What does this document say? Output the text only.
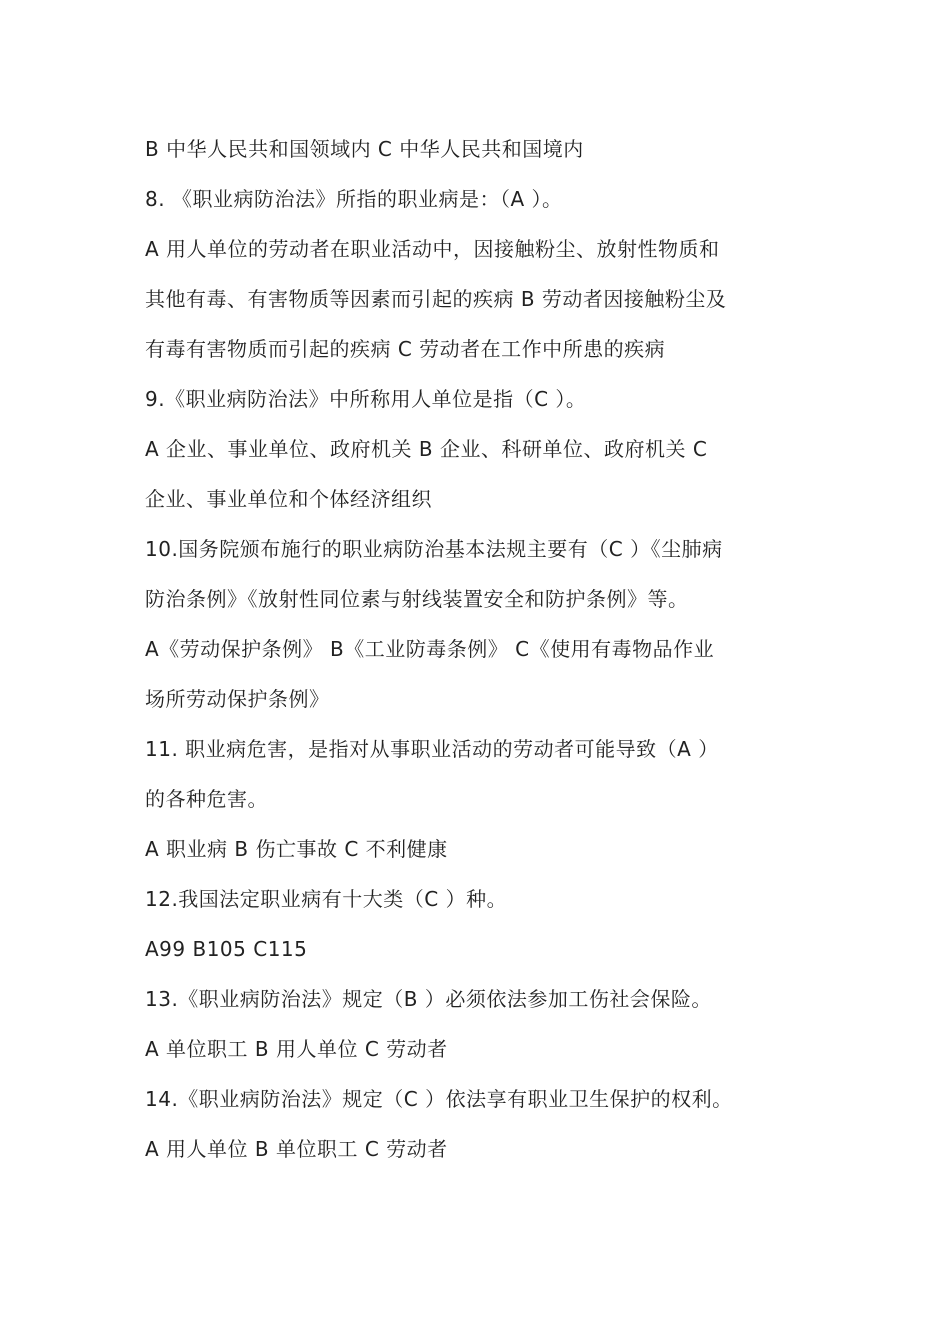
B 中华人民共和国领域内 C 中华人民共和国境内
8. 《职业病防治法》所指的职业病是：（A ）。
A 用人单位的劳动者在职业活动中，因接触粉尘、放射性物质和
其他有毒、有害物质等因素而引起的疾病 B 劳动者因接触粉尘及
有毒有害物质而引起的疾病 C 劳动者在工作中所患的疾病
9.《职业病防治法》中所称用人单位是指（C ）。
A 企业、事业单位、政府机关 B 企业、科研单位、政府机关 C
企业、事业单位和个体经济组织
10.国务院颁布施行的职业病防治基本法规主要有（C ）《尘肺病
防治条例》《放射性同位素与射线装置安全和防护条例》等。
A《劳动保护条例》 B《工业防毒条例》 C《使用有毒物品作业
场所劳动保护条例》
11. 职业病危害，是指对从事职业活动的劳动者可能导致（A ）
的各种危害。
A 职业病 B 伤亡事故 C 不利健康
12.我国法定职业病有十大类（C ）种。
A99 B105 C115
13.《职业病防治法》规定（B ）必须依法参加工伤社会保险。
A 单位职工 B 用人单位 C 劳动者
14.《职业病防治法》规定（C ）依法享有职业卫生保护的权利。
A 用人单位 B 单位职工 C 劳动者
